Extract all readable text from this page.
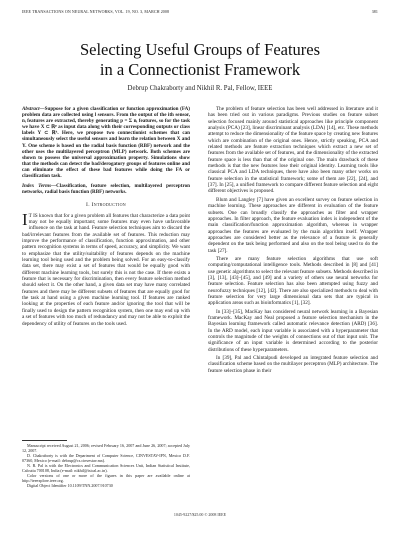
IEEE TRANSACTIONS ON NEURAL NETWORKS, VOL. 19, NO. 3, MARCH 2008	381
Selecting Useful Groups of Features
in a Connectionist Framework
Debrup Chakraborty and Nikhil R. Pal, Fellow, IEEE
Abstract—Suppose for a given classification or function approximation (FA) problem data are collected using l sensors. From the output of the ith sensor, nᵢ features are extracted, thereby generating p = Σ nᵢ features, so for the task we have X ⊂ ℝᵖ as input data along with their corresponding outputs or class labels Y ⊂ ℝᵏ. Here, we propose two connectionist schemes that can simultaneously select the useful sensors and learn the relation between X and Y. One scheme is based on the radial basis function (RBF) network and the other uses the multilayered perceptron (MLP) network. Both schemes are shown to possess the universal approximation property. Simulations show that the methods can detect the bad/derogatory groups of features online and can eliminate the effect of these bad features while doing the FA or classification task.
Index Terms—Classification, feature selection, multilayered perceptron networks, radial basis function (RBF) networks.
I. Introduction

I T IS known that for a given problem all features that characterize a data point may not be equally important; some features may even have unfavorable influence on the task at hand. Feature selection techniques aim to discard the bad/irrelevant features from the available set of features. This reduction may improve the performance of classification, function approximation, and other pattern recognition systems in terms of speed, accuracy, and simplicity. We want to emphasize that the utility/suitability of features depends on the machine learning tool being used and the problem being solved. For an easy-to-classify data set, there may exist a set of features that would be equally good with different machine learning tools, but surely this is not the case. If there exists a feature that is necessary for discrimination, then every feature selection method should select it. On the other hand, a given data set may have many correlated features and there may be different subsets of features that are equally good for the task at hand using a given machine learning tool. If features are ranked looking at the properties of each feature and/or ignoring the tool that will be finally used to design the pattern recognition system, then one may end up with a set of features with too much of redundancy and may not be able to exploit the dependency of utility of features on the tools used.

The problem of feature selection has been well addressed in literature and it has been tried out in various paradigms. Previous studies on feature subset selection focused mainly around statistical approaches like principle component analysis (PCA) [23], linear discriminant analysis (LDA) [14], etc. These methods attempt to reduce the dimensionality of the feature space by creating new features which are combination of the original ones. Hence, strictly speaking, PCA and related methods are feature extraction techniques which extract a new set of features from the available set of features, and the dimensionality of the extracted feature space is less than that of the original one. The main drawback of these methods is that the new features lose their original identity. Learning tools like classical PCA and LDA techniques, there have also been many other works on feature selection in the statistical framework; some of them are [22], [24], and [37]. In [25], a unified framework to compare different feature selection and eight different objectives is proposed.

Blum and Langley [7] have given an excellent survey on feature selection in machine learning. These approaches are different in evaluation of the feature subsets. One can broadly classify the approaches as filter and wrapper approaches. In filter approach, the feature evaluation index is independent of the main classification/function approximation algorithm, whereas in wrapper approaches the features are evaluated by the main algorithm itself. Wrapper approaches are considered better as the relevance of a feature is generally dependent on the task being performed and also on the tool being used to do the task [27].

There are many feature selection algorithms that use soft computing/computational intelligence tools. Methods described in [8] and [41] use genetic algorithms to select the relevant feature subsets. Methods described in [3], [13], [43]–[45], and [49] and a variety of others use neural networks for feature selection. Feature selection has also been attempted using fuzzy and neurofuzzy techniques [12], [42]. There are also specialized methods to deal with feature selection for very large dimensional data sets that are typical in application areas such as bioinformatics [1], [32].

In [33]–[35], MacKay has considered neural network learning in a Bayesian framework. MacKay and Neal proposed a feature selection mechanism in the Bayesian learning framework called automatic relevance detection (ARD) [36]. In the ARD model, each input variable is associated with a hyperparameter that controls the magnitude of the weights of connections out of that input unit. The significance of an input variable is determined according to the posterior distributions of these hyperparameters.

In [39], Pal and Chintalpudi developed an integrated feature selection and classification scheme based on the multilayer perceptron (MLP) architecture. The feature selection phase in their

Manuscript received August 21, 2006; revised February 16, 2007 and June 26, 2007; accepted July 12, 2007.
D. Chakraborty is with the Department of Computer Science, CINVESTAV-IPN, Mexico D.F. 07360, Mexico (e-mail: debrup@cs.cinvestav.mx).
N. R. Pal is with the Electronics and Communication Sciences Unit, Indian Statistical Institute, Calcutta 700108, India (e-mail: nikhil@isical.ac.in).
Color versions of one or more of the figures in this paper are available online at http://ieeexplore.ieee.org.
Digital Object Identifier 10.1109/TNN.2007.910730
1045-9227/$25.00 © 2008 IEEE
